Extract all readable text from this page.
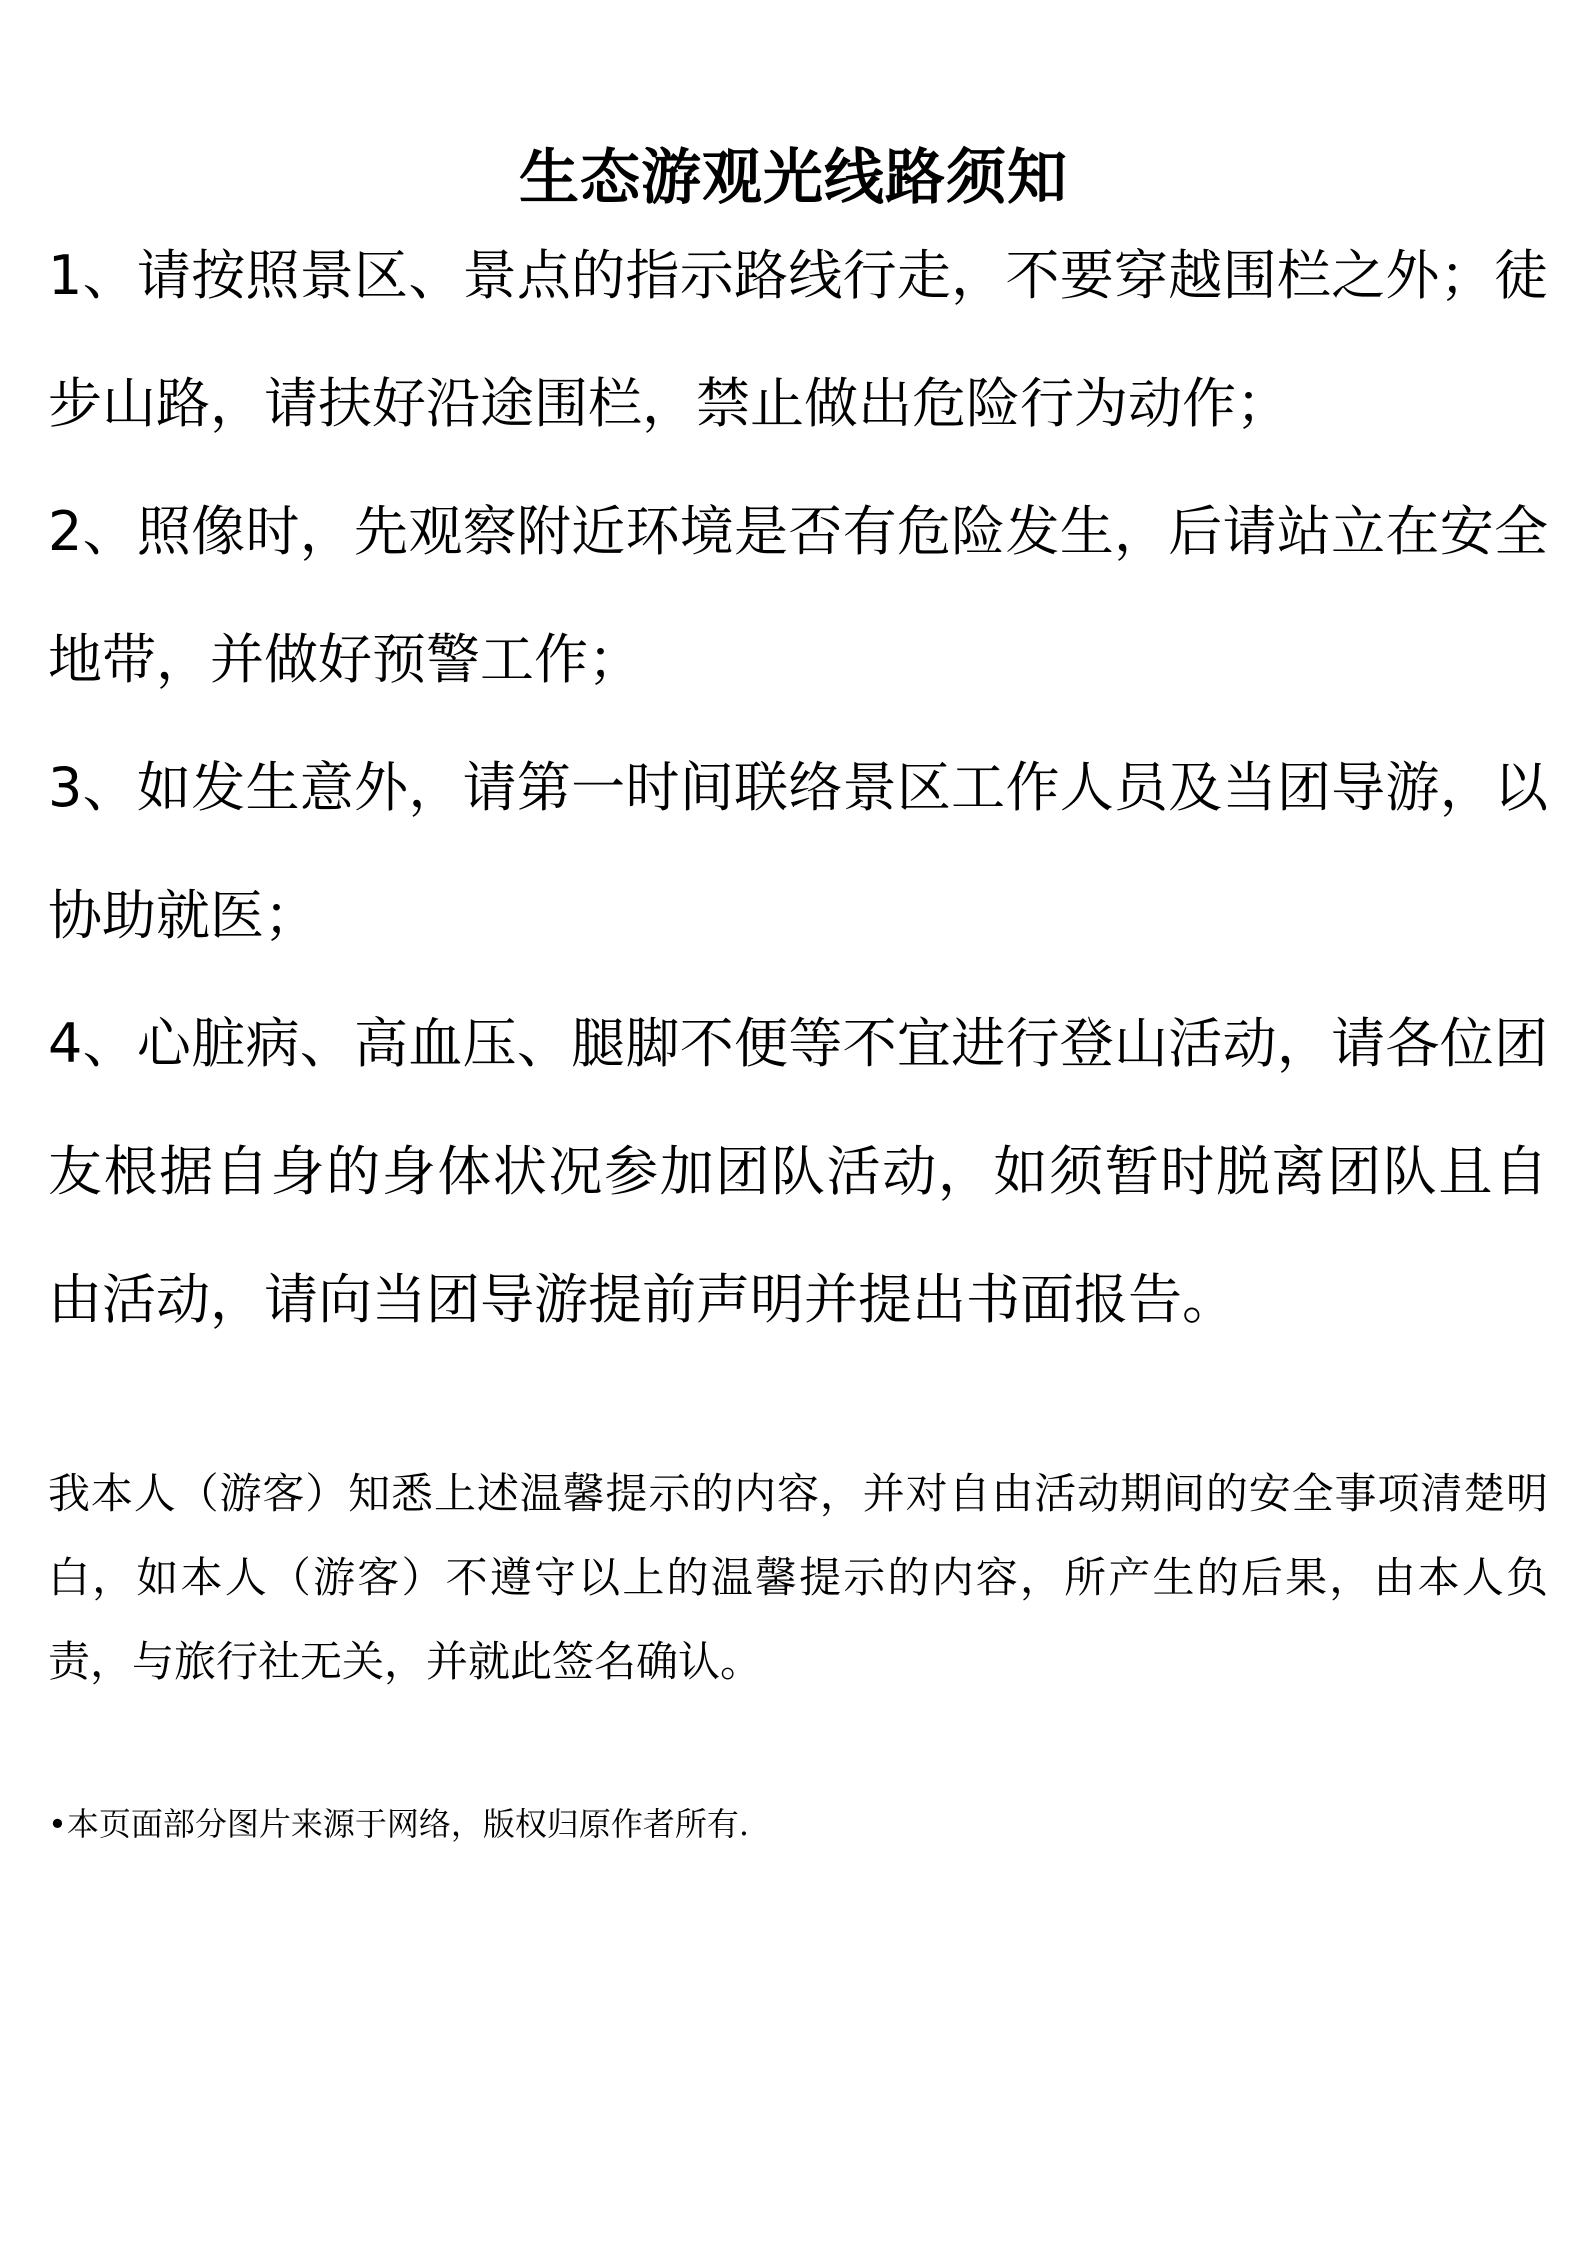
生态游观光线路须知

1、请按照景区、景点的指示路线行走，不要穿越围栏之外；徒步山路，请扶好沿途围栏，禁止做出危险行为动作；

2、照像时，先观察附近环境是否有危险发生，后请站立在安全地带，并做好预警工作；

3、如发生意外，请第一时间联络景区工作人员及当团导游，以协助就医；

4、心脏病、高血压、腿脚不便等不宜进行登山活动，请各位团友根据自身的身体状况参加团队活动，如须暂时脱离团队且自由活动，请向当团导游提前声明并提出书面报告。

我本人（游客）知悉上述温馨提示的内容，并对自由活动期间的安全事项清楚明白，如本人（游客）不遵守以上的温馨提示的内容，所产生的后果，由本人负责，与旅行社无关，并就此签名确认。

•本页面部分图片来源于网络，版权归原作者所有.
